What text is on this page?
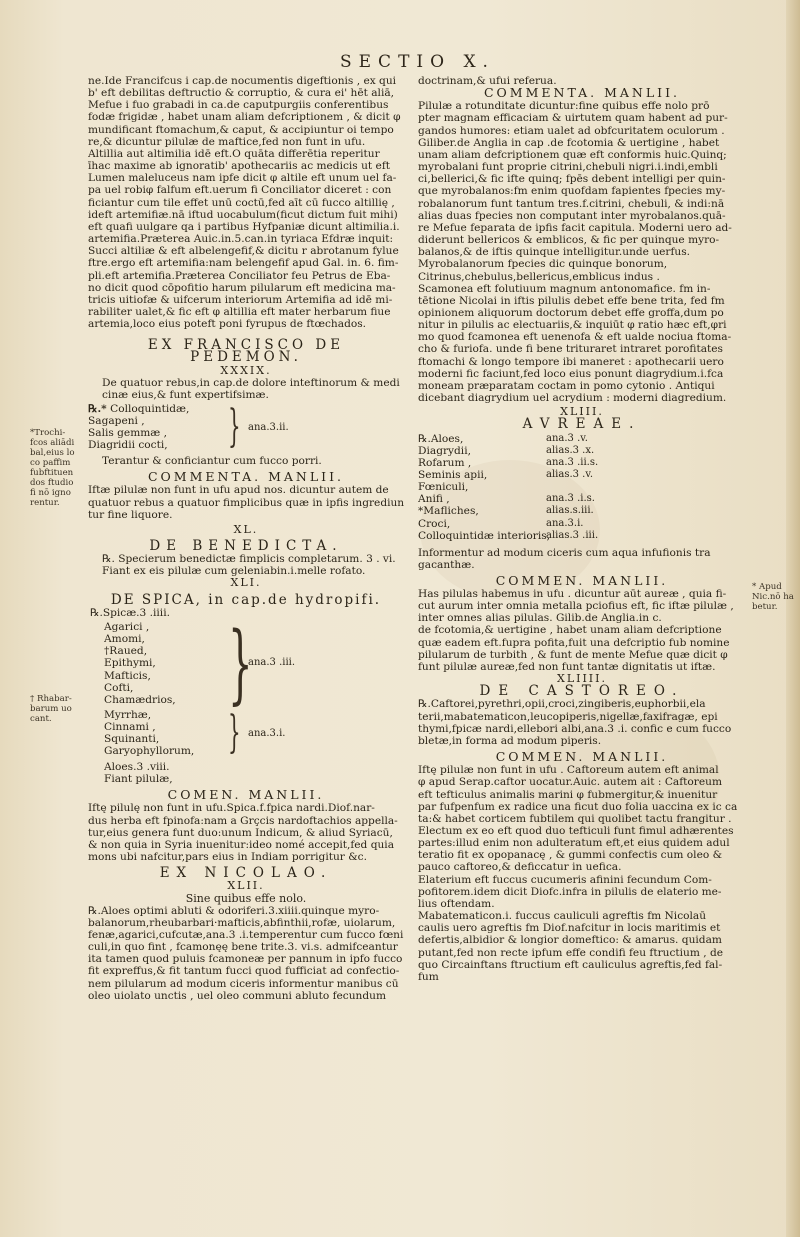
SECTIO X.
ne.Ide Francifcus i cap.de nocumentis digeftionis , ex qui
b' eft debilitas deftructio & corruptio, & cura ei' hēt aliā,
Mefue i fuo grabadi in ca.de caputpurgiis conferentibus
fodæ frigidæ , habet unam aliam defcriptionem , & dicit φ
mundificant ftomachum,& caput, & accipiuntur oi tempo
re,& dicuntur pilulæ de maftice,fed non funt in ufu.
Altillia aut altimilia idē eft.O quāta differētia reperitur
īhac maxime ab ignoratib' apothecariis ac medicis ut eft
Lumen maleluceus nam ipfe dicit φ altile eft unum uel fa-
pa uel robiφ falfum eft.uerum fi Conciliator diceret : con
ficiantur cum tile effet unū coctū,fed aīt cū fucco altillię ,
ideft artemifiæ.nā iftud uocabulum(ficut dictum fuit mihi)
eft quafi uulgare qa i partibus Hyfpaniæ dicunt altimilia.i.
artemifia.Præterea Auic.in.5.can.in tyriaca Efdræ inquit:
Succi altiliæ & eft albelengefif,& dicitu r abrotanum fylue
ftre.ergo eft artemifia:nam belengefif apud Gal. in. 6. fim-
pli.eft artemifia.Præterea Conciliator feu Petrus de Eba-
no dicit quod cōpofitio harum pilularum eft medicina ma-
tricis uitiofæ & uifcerum interiorum Artemifia ad idē mi-
rabiliter ualet,& fic eft φ altillia eft mater herbarum fiue
artemia,loco eius poteft poni fyrupus de ftœchados.
EX FRANCISCO DE PEDEMON.
XXXIX.
De quatuor rebus,in cap.de dolore inteftinorum & medi
cinæ eius,& funt expertifsimæ.
℞.* Colloquintidæ,
Sagapeni ,
Salis gemmæ ,
Diagridii cocti, } ana.3.ii.
Terantur & conficiantur cum fucco porri.
COMMENTA. MANLII.
Iftæ pilulæ non funt in ufu apud nos. dicuntur autem de
quatuor rebus a quatuor fimplicibus quæ in ipfis ingrediun
tur fine liquore.
XL.
DE BENEDICTA.
℞. Specierum benedictæ fimplicis completarum. 3 . vi.
Fiant ex eis pilulæ cum geleniabin.i.melle rofato.
XLI.
DE SPICA, in cap.de hydropifi.
℞.Spicæ.3 .iiii.
Agarici ,
Amomi,
†Raued,
Epithymi,
Mafticis,
Cofti,
Chamædrios, }
ana.3 .iii.
Myrrhæ,
Cinnami ,
Squinanti,
Garyophyllorum, } ana.3.i.
Aloes.3 .viii.
Fiant pilulæ,
COMEN. MANLII.
Iftę pilulę non funt in ufu.Spica.f.fpica nardi.Diof.nar-
dus herba eft fpinofa:nam a Grçcis nardoftachios appella-
tur,eius genera funt duo:unum Indicum, & aliud Syriacū,
& non quia in Syria inuenitur:ideo nomé accepit,fed quia
mons ubi nafcitur,pars eius in Indiam porrigitur &c.
EX NICOLAO.
XLII.
Sine quibus effe nolo.
℞.Aloes optimi abluti & odoriferi.3.xiiii.quinque myro-
balanorum,rheubarbari·mafticis,abfinthii,rofæ, uiolarum,
fenæ,agarici,cufcutæ,ana.3 .i.temperentur cum fucco fœni
culi,in quo fint , fcamonęę bene trite.3. vi.s. admifceantur
ita tamen quod puluis fcamoneæ per pannum in ipfo fucco
fit expreffus,& fit tantum fucci quod fufficiat ad confectio-
nem pilularum ad modum ciceris informentur manibus cū
oleo uiolato unctis , uel oleo communi abluto fecundum
doctrinam,& ufui referua.
COMMENTA. MANLII.
Pilulæ a rotunditate dicuntur:fine quibus effe nolo prō
pter magnam efficaciam & uirtutem quam habent ad pur-
gandos humores: etiam ualet ad obfcuritatem oculorum .
Giliber.de Anglia in cap .de fcotomia & uertigine , habet
unam aliam defcriptionem quæ eft conformis huic.Quinq;
myrobalani funt proprie citrini,chebuli nigri.i.indi,embli
ci,bellerici,& fic ifte quinq; fpēs debent intelligi per quin-
que myrobalanos:fm enim quofdam fapientes fpecies my-
robalanorum funt tantum tres.f.citrini, chebuli, & indi:nā
alias duas fpecies non computant inter myrobalanos.quā-
re Mefue feparata de ipfis facit capitula. Moderni uero ad-
diderunt bellericos & emblicos, & fic per quinque myro-
balanos,& de iftis quinque intelligitur.unde uerfus.
Myrobalanorum fpecies dic quinque bonorum,
Citrinus,chebulus,bellericus,emblicus indus .
Scamonea eft folutiuum magnum antonomafice. fm in-
tētione Nicolai in iftis pilulis debet effe bene trita, fed fm
opinionem aliquorum doctorum debet effe groffa,dum po
nitur in pilulis ac electuariis,& inquiūt φ ratio hæc eft,φri
mo quod fcamonea eft uenenofa & eft ualde nociua ftoma-
cho & furiofa. unde fi bene trituraret intraret porofitates
ftomachi & longo tempore ibi maneret : apothecarii uero
moderni fic faciunt,fed loco eius ponunt diagrydium.i.fca
moneam præparatam coctam in pomo cytonio . Antiqui
dicebant diagrydium uel acrydium : moderni diagredium.
XLIII.
AVREAE.
℞.Aloes,
Diagrydii,
Rofarum ,
Seminis apii,
Fœniculi,
Anifi ,
*Mafliches,
Croci,
Colloquintidæ interioris,
ana.3 .v.
alias.3 .x.
ana.3 .ii.s.
alias.3 .v.
ana.3 .i.s.
alias.s.iii.
ana.3.i.
alias.3 .iii.
Informentur ad modum ciceris cum aqua infufionis tra
gacanthæ.
COMMEN. MANLII.
Has pilulas habemus in ufu . dicuntur aūt aureæ , quia fi-
cut aurum inter omnia metalla pciofius eft, fic iftæ pilulæ ,
inter omnes alias pilulas. Gilib.de Anglia.in c.
de fcotomia,& uertigine , habet unam aliam defcriptione
quæ eadem eft.fupra pofita,fuit una defcriptio fub nomine
pilularum de turbith , & funt de mente Mefue quæ dicit φ
funt pilulæ aureæ,fed non funt tantæ dignitatis ut iftæ.
XLIIII.
DE CASTOREO.
℞.Caftorei,pyrethri,opii,croci,zingiberis,euphorbii,ela
terii,mabatematicon,leucopiperis,nigellæ,faxifragæ, epi
thymi,fpicæ nardi,ellebori albi,ana.3 .i. confic e cum fucco
bletæ,in forma ad modum piperis.
COMMEN. MANLII.
Iftę pilulæ non funt in ufu . Caftoreum autem eft animal
φ apud Serap.caftor uocatur.Auic. autem ait : Caftoreum
eft tefticulus animalis marini φ fubmergitur,& inuenitur
par fufpenfum ex radice una ficut duo folia uaccina ex ic ca
ta:& habet corticem fubtilem qui quolibet tactu frangitur .
Electum ex eo eft quod duo tefticuli funt fimul adhærentes
partes:illud enim non adulteratum eft,et eius quidem adul
teratio fit ex opopanacę , & gummi confectis cum oleo &
pauco caftoreo,& deficcatur in uefica.
Elaterium eft fuccus cucumeris afinini fecundum Com-
pofitorem.idem dicit Diofc.infra in pilulis de elaterio me-
lius oftendam.
Mabatematicon.i. fuccus cauliculi agreftis fm Nicolaū
caulis uero agreftis fm Diof.nafcitur in locis maritimis et
defertis,albidior & longior domeftico: & amarus. quidam
putant,fed non recte ipfum effe condifi feu ftructium , de
quo Circainftans ftructium eft cauliculus agreftis,fed fal-
fum
*Trochi-
fcos aliādi
bal,eius lo
co paffim
fubftituen
dos ftudio
fi nō igno
rentur.
† Rhabar-
barum uo
cant.
* Apud
Nic.nō ha
betur.
